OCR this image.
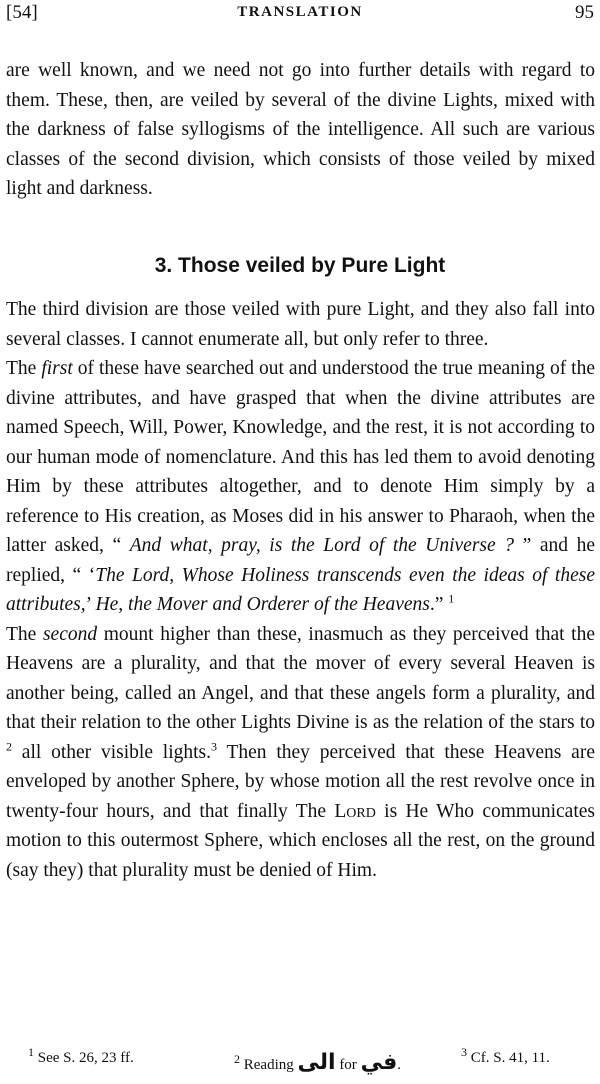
[54]	TRANSLATION	95

are well known, and we need not go into further details with regard to them. These, then, are veiled by several of the divine Lights, mixed with the darkness of false syllogisms of the intelligence. All such are various classes of the second division, which consists of those veiled by mixed light and darkness.

3. Those veiled by Pure Light

The third division are those veiled with pure Light, and they also fall into several classes. I cannot enumerate all, but only refer to three.

The first of these have searched out and understood the true meaning of the divine attributes, and have grasped that when the divine attributes are named Speech, Will, Power, Knowledge, and the rest, it is not according to our human mode of nomenclature. And this has led them to avoid denoting Him by these attributes altogether, and to denote Him simply by a reference to His creation, as Moses did in his answer to Pharaoh, when the latter asked, “ And what, pray, is the Lord of the Universe ? ” and he replied, “ ‘The Lord, Whose Holiness transcends even the ideas of these attributes,’ He, the Mover and Orderer of the Heavens.” $^1$

The second mount higher than these, inasmuch as they perceived that the Heavens are a plurality, and that the mover of every several Heaven is another being, called an Angel, and that these angels form a plurality, and that their relation to the other Lights Divine is as the relation of the stars to $^2$ all other visible lights.$^3$ Then they perceived that these Heavens are enveloped by another Sphere, by whose motion all the rest revolve once in twenty-four hours, and that finally The Lord is He Who communicates motion to this outermost Sphere, which encloses all the rest, on the ground (say they) that plurality must be denied of Him.

$^1$ See S. 26, 23 ff.	$^2$ Reading الى for في.
$^3$ Cf. S. 41, 11.
